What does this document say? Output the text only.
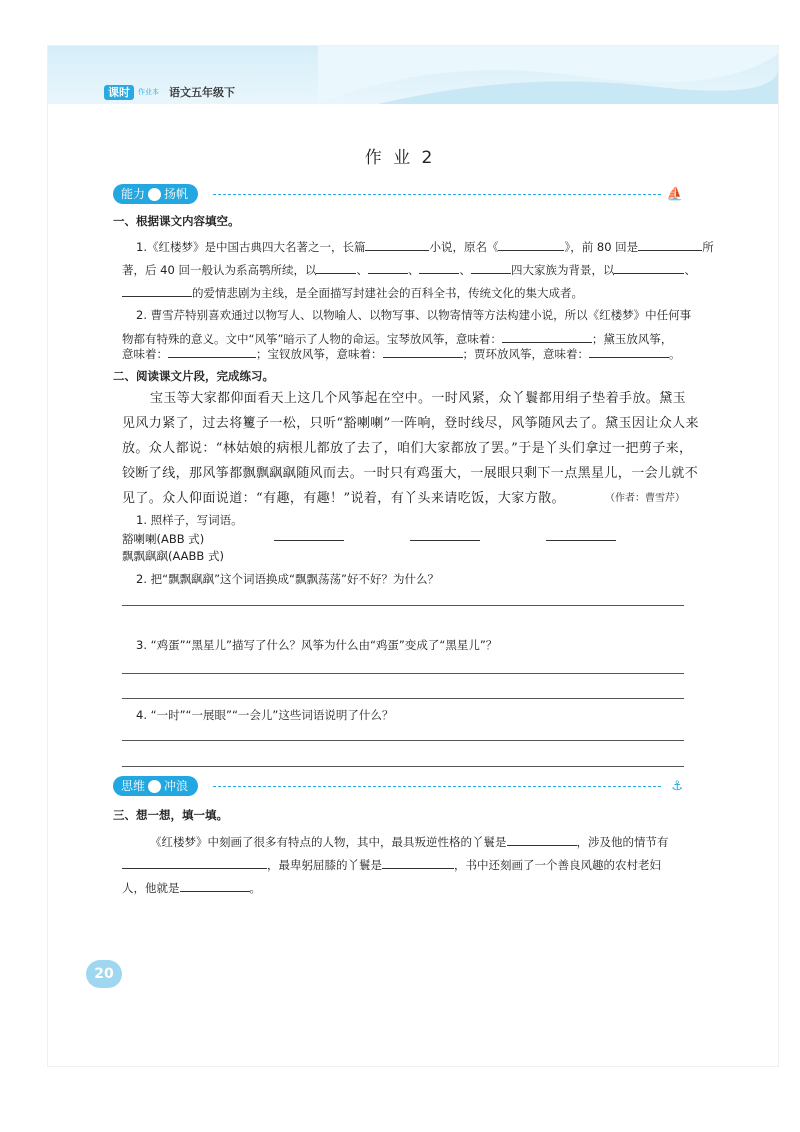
课时	作业本 语文五年级下
作 业 2
能力 扬帆	⛵
一、根据课文内容填空。
1.《红楼梦》是中国古典四大名著之一，长篇	小说，原名《	》，前 80 回是	所
著，后 40 回一般认为系高鹗所续，以	、	、	、	四大家族为背景，以	、
的爱情悲剧为主线，是全面描写封建社会的百科全书，传统文化的集大成者。
2. 曹雪芹特别喜欢通过以物写人、以物喻人、以物写事、以物寄情等方法构建小说，所以《红楼梦》中任何事
物都有特殊的意义。文中“风筝”暗示了人物的命运。宝琴放风筝，意味着：	；黛玉放风筝，
意味着：	；宝钗放风筝，意味着：	；贾环放风筝，意味着：	。
二、阅读课文片段，完成练习。
宝玉等大家都仰面看天上这几个风筝起在空中。一时风紧，众丫鬟都用绢子垫着手放。黛玉
见风力紧了，过去将籰子一松，只听“豁喇喇”一阵响，登时线尽，风筝随风去了。黛玉因让众人来
放。众人都说：“林姑娘的病根儿都放了去了，咱们大家都放了罢。”于是丫头们拿过一把剪子来，
铰断了线，那风筝都飘飘飖飖随风而去。一时只有鸡蛋大，一展眼只剩下一点黑星儿，一会儿就不
见了。众人仰面说道：“有趣，有趣！”说着，有丫头来请吃饭，大家方散。	（作者：曹雪芹）
1. 照样子，写词语。
豁喇喇(ABB 式)
飘飘飖飖(AABB 式)
2. 把“飘飘飖飖”这个词语换成“飘飘荡荡”好不好？为什么？
3. “鸡蛋”“黑星儿”描写了什么？风筝为什么由“鸡蛋”变成了“黑星儿”？
4. “一时”“一展眼”“一会儿”这些词语说明了什么？
思维 冲浪	⚓
三、想一想，填一填。
《红楼梦》中刻画了很多有特点的人物，其中，最具叛逆性格的丫鬟是	，涉及他的情节有
，最卑躬屈膝的丫鬟是	，书中还刻画了一个善良风趣的农村老妇
人，他就是	。
20
